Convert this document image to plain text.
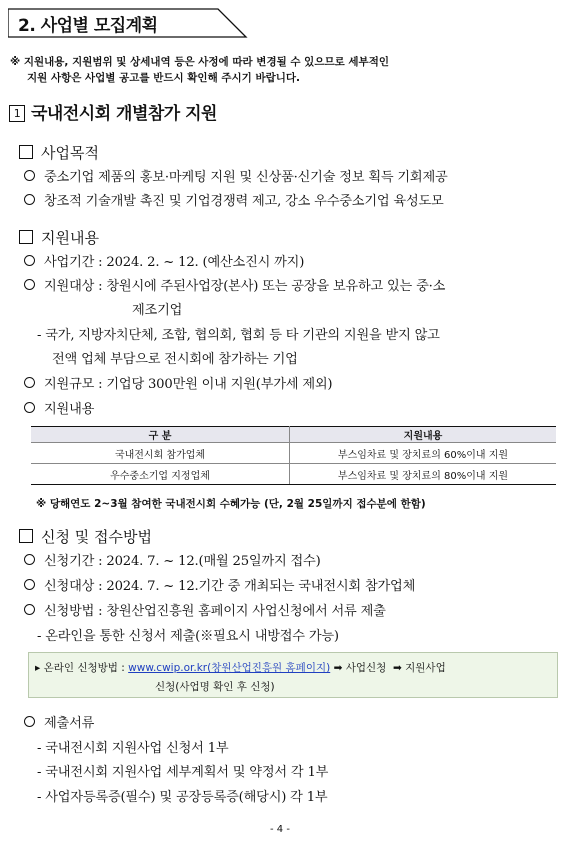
2. 사업별 모집계획
※ 지원내용, 지원범위 및 상세내역 등은 사정에 따라 변경될 수 있으므로 세부적인
지원 사항은 사업별 공고를 반드시 확인해 주시기 바랍니다.
1 국내전시회 개별참가 지원
사업목적
중소기업 제품의 홍보·마케팅 지원 및 신상품·신기술 정보 획득 기회제공
창조적 기술개발 촉진 및 기업경쟁력 제고, 강소 우수중소기업 육성도모
지원내용
사업기간 : 2024. 2. ~ 12. (예산소진시 까지)
지원대상 : 창원시에 주된사업장(본사) 또는 공장을 보유하고 있는 중·소
제조기업
- 국가, 지방자치단체, 조합, 협의회, 협회 등 타 기관의 지원을 받지 않고
전액 업체 부담으로 전시회에 참가하는 기업
지원규모 : 기업당 300만원 이내 지원(부가세 제외)
지원내용
구 분	지원내용
국내전시회 참가업체	부스임차료 및 장치료의 60%이내 지원
우수중소기업 지정업체	부스임차료 및 장치료의 80%이내 지원
※ 당해연도 2~3월 참여한 국내전시회 수혜가능 (단, 2월 25일까지 접수분에 한함)
신청 및 접수방법
신청기간 : 2024. 7. ~ 12.(매월 25일까지 접수)
신청대상 : 2024. 7. ~ 12.기간 중 개최되는 국내전시회 참가업체
신청방법 : 창원산업진흥원 홈페이지 사업신청에서 서류 제출
- 온라인을 통한 신청서 제출(※필요시 내방접수 가능)
▸ 온라인 신청방법 : www.cwip.or.kr(창원산업진흥원 홈페이지) ➡ 사업신청 ➡ 지원사업
신청(사업명 확인 후 신청)
제출서류
- 국내전시회 지원사업 신청서 1부
- 국내전시회 지원사업 세부계획서 및 약정서 각 1부
- 사업자등록증(필수) 및 공장등록증(해당시) 각 1부
- 4 -
